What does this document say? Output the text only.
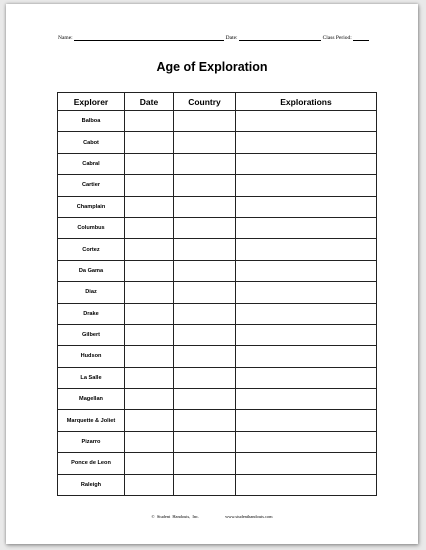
Name:	Date:	Class Period:
Age of Exploration
Explorer	Date	Country	Explorations
Balboa			
Cabot			
Cabral			
Cartier			
Champlain			
Columbus			
Cortez			
Da Gama			
Diaz			
Drake			
Gilbert			
Hudson			
La Salle			
Magellan			
Marquette & Joliet			
Pizarro			
Ponce de Leon			
Raleigh			
© Student Handouts, Inc.	www.studenthandouts.com
